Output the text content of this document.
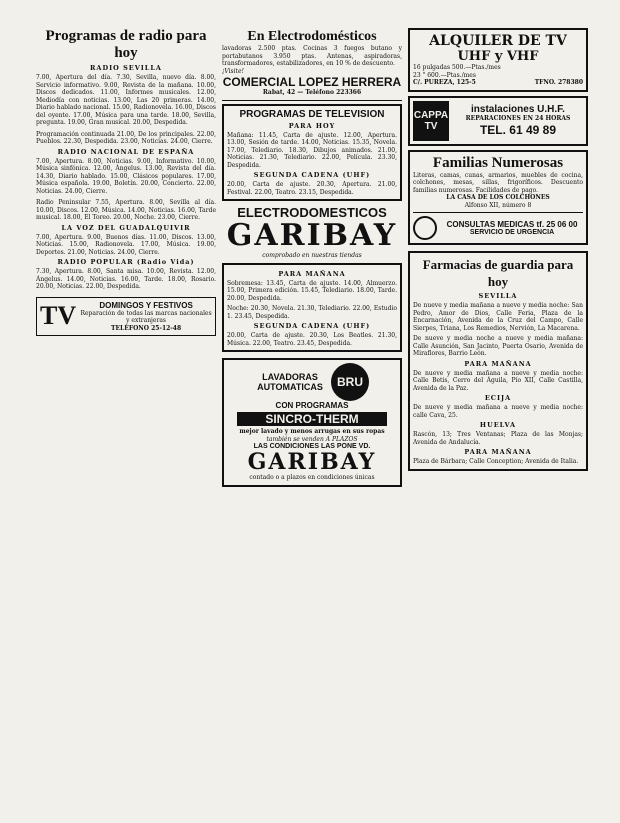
Programas de radio para hoy
RADIO SEVILLA
7.00, Apertura del día. 7.30, Sevilla, nuevo día. 8.00, Servicio informativo. 9.00, Revista de la mañana. 10.00, Discos dedicados. 11.00, Informes musicales. 12.00, Mediodía con noticias. 13.00, Las 20 primeras. 14.00, Diario hablado nacional. 15.00, Radionovela. 16.00, Discos del oyente. 17.00, Música para una tarde. 18.00, Sevilla, pregunta. 19.00, Gran musical. 20.00, Despedida.
Programación continuada 21.00, De los principales. 22.00, Pueblos. 22.30, Despedida. 23.00, Noticias. 24.00, Cierre.
RADIO NACIONAL DE ESPAÑA
7.00, Apertura. 8.00, Noticias. 9.00, Informativo. 10.00, Música sinfónica. 12.00, Ángelus. 13.00, Revista del día. 14.30, Diario hablado. 15.00, Clásicos populares. 17.00, Música española. 19.00, Boletín. 20.00, Concierto. 22.00, Noticias. 24.00, Cierre.
Radio Peninsular 7.55, Apertura. 8.00, Sevilla al día. 10.00, Discos. 12.00, Música. 14.00, Noticias. 16.00, Tarde musical. 18.00, El Toreo. 20.00, Noche. 23.00, Cierre.
LA VOZ DEL GUADALQUIVIR
7.00, Apertura. 9.00, Buenos días. 11.00, Discos. 13.00, Noticias. 15.00, Radionovela. 17.00, Música. 19.00, Deportes. 21.00, Noticias. 24.00, Cierre.
RADIO POPULAR (Radio Vida)
7.30, Apertura. 8.00, Santa misa. 10.00, Revista. 12.00, Ángelus. 14.00, Noticias. 16.00, Tarde. 18.00, Rosario. 20.00, Noticias. 22.00, Despedida.
TV	DOMINGOS Y FESTIVOS
Reparación de todas las marcas nacionales y extranjeras
TELÉFONO 25-12-48
En Electrodomésticos
lavadoras 2.500 ptas. Cocinas 3 fuegos butano y portabutanos 3.950 ptas. Antenas, aspiradoras, transformadores, estabilizadores, en 10 % de descuento.
¡Visite!
COMERCIAL LOPEZ HERRERA
Rabat, 42 — Teléfono 223366
PROGRAMAS DE TELEVISION
PARA HOY
Mañana: 11.45, Carta de ajuste. 12.00, Apertura. 13.00, Sesión de tarde. 14.00, Noticias. 15.35, Novela. 17.00, Telediario. 18.30, Dibujos animados. 21.00, Noticias. 21.30, Telediario. 22.00, Película. 23.30, Despedida.
SEGUNDA CADENA (UHF)
20.00, Carta de ajuste. 20.30, Apertura. 21.00, Festival. 22.00, Teatro. 23.15, Despedida.
ELECTRODOMESTICOS
GARIBAY
comprobado en nuestras tiendas
PARA MAÑANA
Sobremesa: 13.45, Carta de ajuste. 14.00, Almuerzo. 15.00, Primera edición. 15.45, Telediario. 18.00, Tarde. 20.00, Despedida.
Noche: 20.30, Novela. 21.30, Telediario. 22.00, Estudio 1. 23.45, Despedida.
SEGUNDA CADENA (UHF)
20.00, Carta de ajuste. 20.30, Los Beatles. 21.30, Música. 22.00, Teatro. 23.45, Despedida.
LAVADORAS AUTOMATICAS	BRU
CON PROGRAMAS
SINCRO-THERM
mejor lavado y menos arrugas en sus ropas
también se venden A PLAZOS
LAS CONDICIONES LAS PONE VD.
GARIBAY
contado o a plazos en condiciones únicas
ALQUILER DE TV
UHF y VHF
16 pulgadas 500.—Ptas./mes
23 " 600.—Ptas./mes
C/. PUREZA, 125-5	TFNO. 278380
CAPPA TV
instalaciones U.H.F.
REPARACIONES EN 24 HORAS
TEL. 61 49 89
Familias Numerosas
Literas, camas, cunas, armarios, muebles de cocina, colchones, mesas, sillas, frigoríficos. Descuento familias numerosas. Facilidades de pago.
LA CASA DE LOS COLCHONES
Alfonso XII, número 8
CONSULTAS MEDICAS tf. 25 06 00
SERVICIO DE URGENCIA
Farmacias de guardia para hoy
SEVILLA
De nueve y media mañana a nueve y media noche: San Pedro, Amor de Dios, Calle Feria, Plaza de la Encarnación, Avenida de la Cruz del Campo, Calle Sierpes, Triana, Los Remedios, Nervión, La Macarena.
De nueve y media noche a nueve y media mañana: Calle Asunción, San Jacinto, Puerta Osario, Avenida de Miraflores, Barrio León.
PARA MAÑANA
De nueve y media mañana a nueve y media noche: Calle Betis, Cerro del Águila, Pío XII, Calle Castilla, Avenida de la Paz.
ECIJA
De nueve y media mañana a nueve y media noche: calle Cava, 25.
HUELVA
Rascón, 13; Tres Ventanas; Plaza de las Monjas; Avenida de Andalucía.
PARA MAÑANA
Plaza de Bárbara; Calle Conception; Avenida de Italia.
